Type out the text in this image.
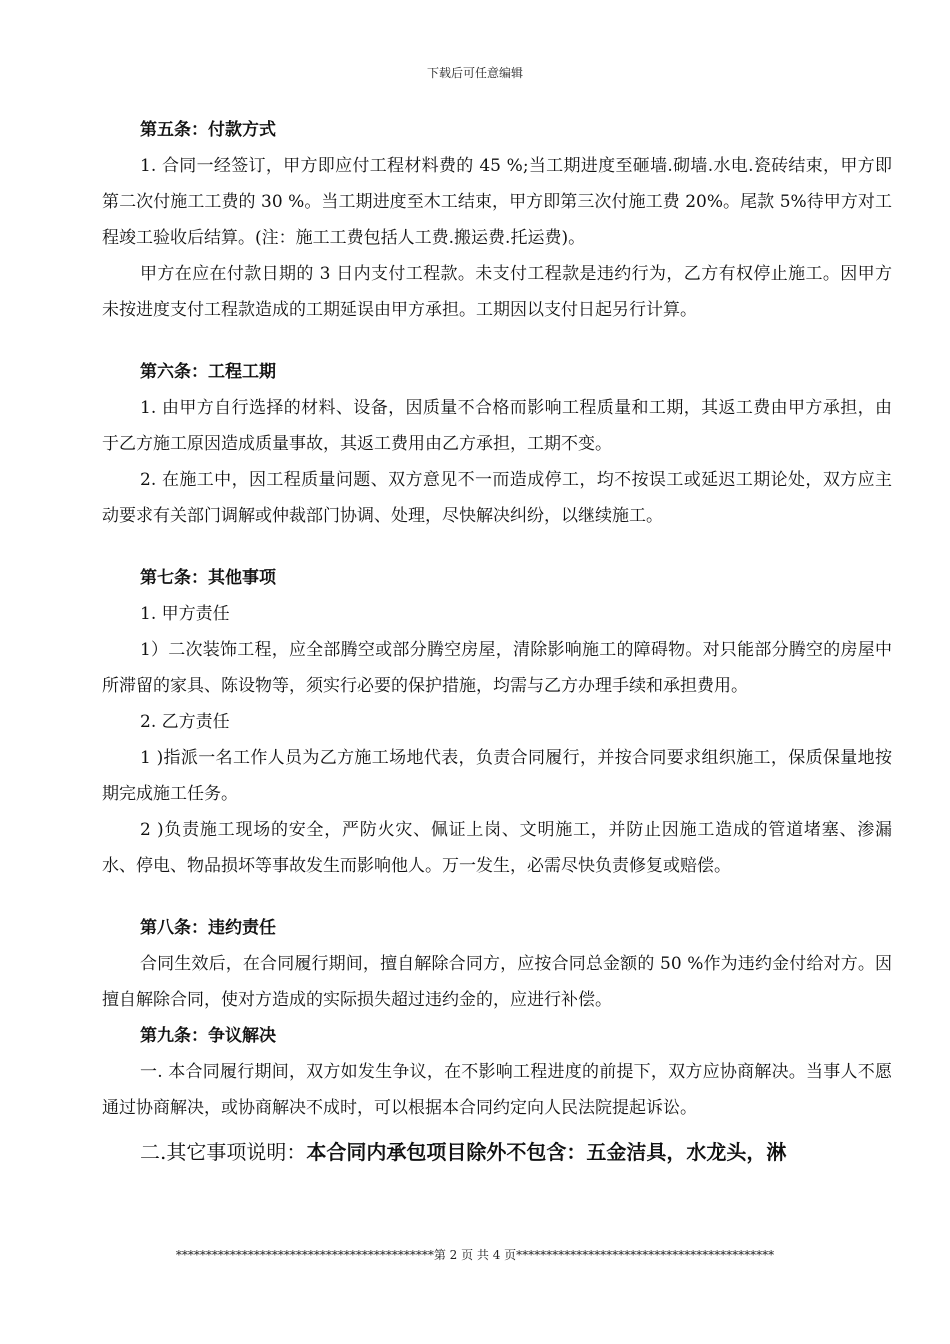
下载后可任意编辑

第五条：付款方式

1. 合同一经签订，甲方即应付工程材料费的 45 %;当工期进度至砸墙.砌墙.水电.瓷砖结束，甲方即第二次付施工工费的 30 %。当工期进度至木工结束，甲方即第三次付施工费 20%。尾款 5%待甲方对工程竣工验收后结算。(注：施工工费包括人工费.搬运费.托运费)。

甲方在应在付款日期的 3 日内支付工程款。未支付工程款是违约行为，乙方有权停止施工。因甲方未按进度支付工程款造成的工期延误由甲方承担。工期因以支付日起另行计算。

第六条：工程工期

1. 由甲方自行选择的材料、设备，因质量不合格而影响工程质量和工期，其返工费由甲方承担，由于乙方施工原因造成质量事故，其返工费用由乙方承担，工期不变。

2. 在施工中，因工程质量问题、双方意见不一而造成停工，均不按误工或延迟工期论处，双方应主动要求有关部门调解或仲裁部门协调、处理，尽快解决纠纷，以继续施工。

第七条：其他事项

1. 甲方责任

1）二次装饰工程，应全部腾空或部分腾空房屋，清除影响施工的障碍物。对只能部分腾空的房屋中所滞留的家具、陈设物等，须实行必要的保护措施，均需与乙方办理手续和承担费用。

2. 乙方责任

1 )指派一名工作人员为乙方施工场地代表，负责合同履行，并按合同要求组织施工，保质保量地按期完成施工任务。

2 )负责施工现场的安全，严防火灾、佩证上岗、文明施工，并防止因施工造成的管道堵塞、渗漏水、停电、物品损坏等事故发生而影响他人。万一发生，必需尽快负责修复或赔偿。

第八条：违约责任

合同生效后，在合同履行期间，擅自解除合同方，应按合同总金额的 50 %作为违约金付给对方。因擅自解除合同，使对方造成的实际损失超过违约金的，应进行补偿。

第九条：争议解决

一. 本合同履行期间，双方如发生争议，在不影响工程进度的前提下，双方应协商解决。当事人不愿通过协商解决，或协商解决不成时，可以根据本合同约定向人民法院提起诉讼。

二.其它事项说明：本合同内承包项目除外不包含：五金洁具，水龙头，淋

*******************************************第 2 页 共 4 页*******************************************
